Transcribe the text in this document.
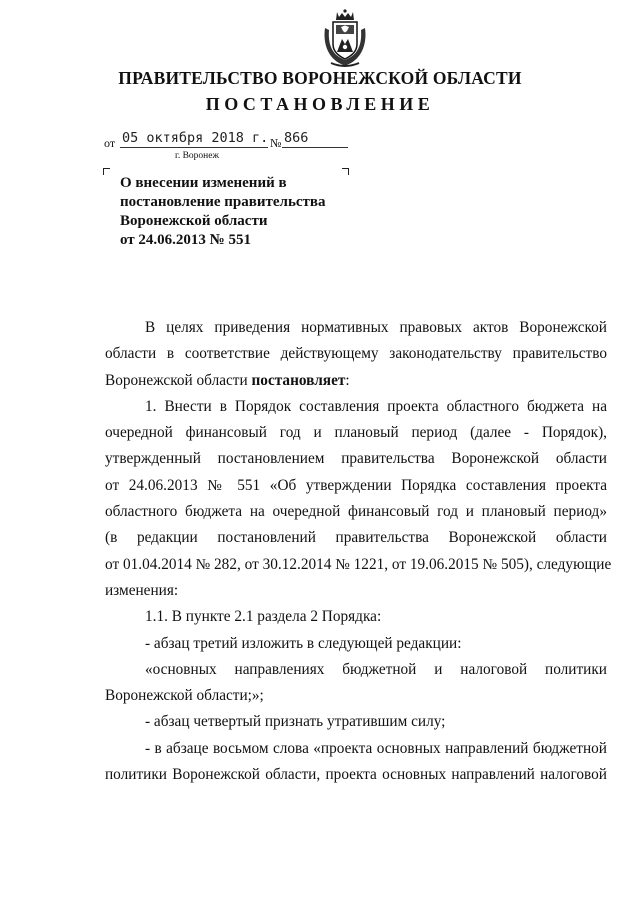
ПРАВИТЕЛЬСТВО ВОРОНЕЖСКОЙ ОБЛАСТИ
ПОСТАНОВЛЕНИЕ
от 05 октября 2018 г. № 866
г. Воронеж
О внесении изменений в
постановление правительства
Воронежской области
от 24.06.2013 № 551
В целях приведения нормативных правовых актов Воронежской
области в соответствие действующему законодательству правительство
Воронежской области постановляет:
1. Внести в Порядок составления проекта областного бюджета на
очередной финансовый год и плановый период (далее - Порядок),
утвержденный постановлением правительства Воронежской области
от 24.06.2013 № 551 «Об утверждении Порядка составления проекта
областного бюджета на очередной финансовый год и плановый период»
(в редакции постановлений правительства Воронежской области
от 01.04.2014 № 282, от 30.12.2014 № 1221, от 19.06.2015 № 505), следующие
изменения:
1.1. В пункте 2.1 раздела 2 Порядка:
- абзац третий изложить в следующей редакции:
«основных направлениях бюджетной и налоговой политики
Воронежской области;»;
- абзац четвертый признать утратившим силу;
- в абзаце восьмом слова «проекта основных направлений бюджетной
политики Воронежской области, проекта основных направлений налоговой
